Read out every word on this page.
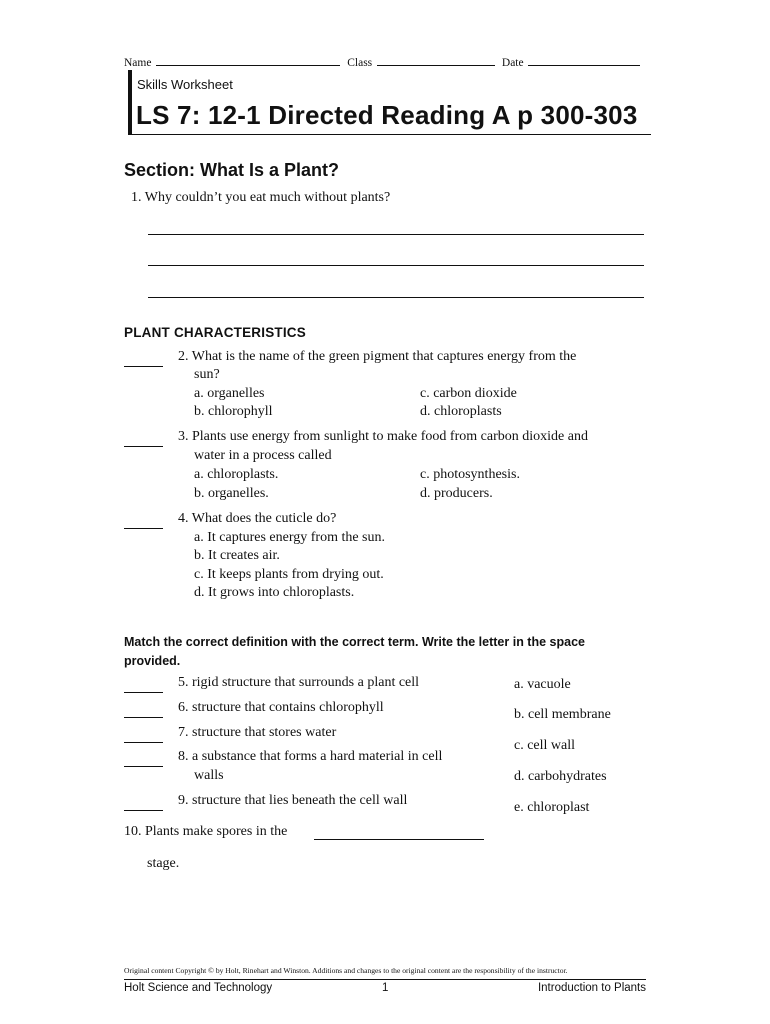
Name	Class	Date
Skills Worksheet
LS 7: 12-1 Directed Reading A p 300-303
Section: What Is a Plant?
1. Why couldn’t you eat much without plants?
PLANT CHARACTERISTICS
2. What is the name of the green pigment that captures energy from the
sun?
a. organelles
b. chlorophyll
c. carbon dioxide
d. chloroplasts
3. Plants use energy from sunlight to make food from carbon dioxide and
water in a process called
a. chloroplasts.
b. organelles.
c. photosynthesis.
d. producers.
4. What does the cuticle do?
a. It captures energy from the sun.
b. It creates air.
c. It keeps plants from drying out.
d. It grows into chloroplasts.
Match the correct definition with the correct term. Write the letter in the space provided.
5. rigid structure that surrounds a plant cell
6. structure that contains chlorophyll
7. structure that stores water
8. a substance that forms a hard material in cell
walls
9. structure that lies beneath the cell wall
a. vacuole
b. cell membrane
c. cell wall
d. carbohydrates
e. chloroplast
10. Plants make spores in the
stage.
Original content Copyright © by Holt, Rinehart and Winston. Additions and changes to the original content are the responsibility of the instructor.
Holt Science and Technology	1	Introduction to Plants
